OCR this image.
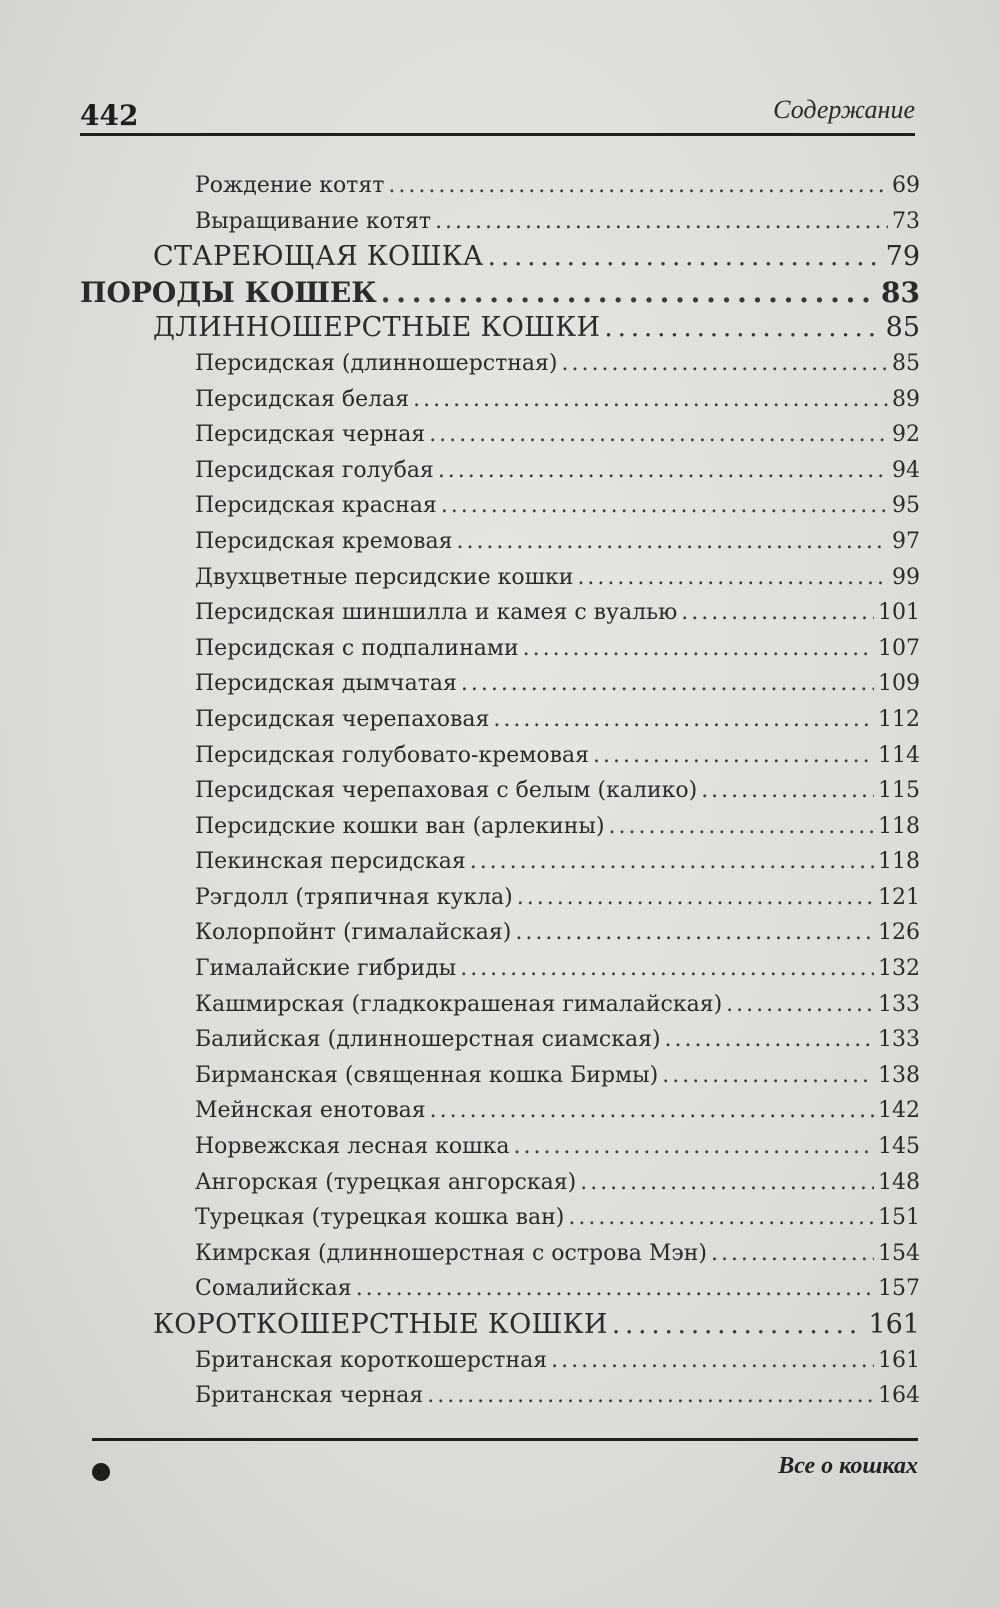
442	Содержание
Рождение котят . . .	69
Выращивание котят . . .	73
СТАРЕЮЩАЯ КОШКА . . .	79
ПОРОДЫ КОШЕК . . .	83
ДЛИННОШЕРСТНЫЕ КОШКИ . . .	85
Персидская (длинношерстная) . . .	85
Персидская белая . . .	89
Персидская черная . . .	92
Персидская голубая . . .	94
Персидская красная . . .	95
Персидская кремовая . . .	97
Двухцветные персидские кошки . . .	99
Персидская шиншилла и камея с вуалью . . .	101
Персидская с подпалинами . . .	107
Персидская дымчатая . . .	109
Персидская черепаховая . . .	112
Персидская голубовато-кремовая . . .	114
Персидская черепаховая с белым (калико) . . .	115
Персидские кошки ван (арлекины) . . .	118
Пекинская персидская . . .	118
Рэгдолл (тряпичная кукла) . . .	121
Колорпойнт (гималайская) . . .	126
Гималайские гибриды . . .	132
Кашмирская (гладкокрашеная гималайская) . . .	133
Балийская (длинношерстная сиамская) . . .	133
Бирманская (священная кошка Бирмы) . . .	138
Мейнская енотовая . . .	142
Норвежская лесная кошка . . .	145
Ангорская (турецкая ангорская) . . .	148
Турецкая (турецкая кошка ван) . . .	151
Кимрская (длинношерстная с острова Мэн) . . .	154
Сомалийская . . .	157
КОРОТКОШЕРСТНЫЕ КОШКИ . . .	161
Британская короткошерстная . . .	161
Британская черная . . .	164
Все о кошках
